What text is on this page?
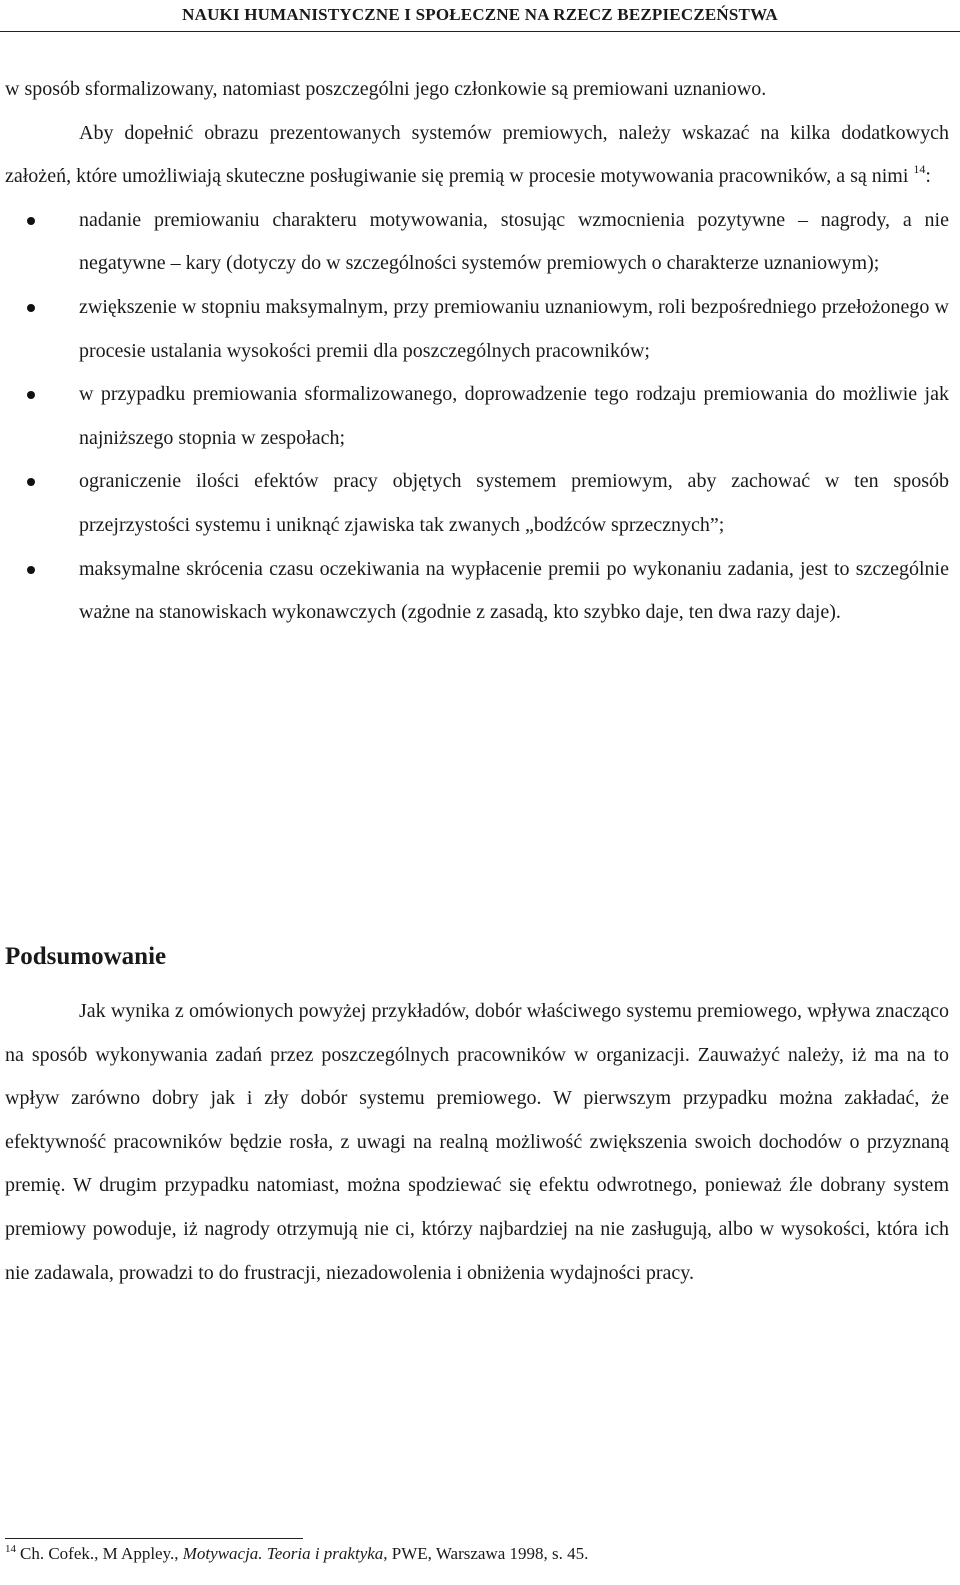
NAUKI HUMANISTYCZNE I SPOŁECZNE NA RZECZ BEZPIECZEŃSTWA

w sposób sformalizowany, natomiast poszczególni jego członkowie są premiowani uznaniowo.

Aby dopełnić obrazu prezentowanych systemów premiowych, należy wskazać na kilka dodatkowych założeń, które umożliwiają skuteczne posługiwanie się premią w procesie motywowania pracowników, a są nimi $^{14}$:

nadanie premiowaniu charakteru motywowania, stosując wzmocnienia pozytywne – nagrody, a nie negatywne – kary (dotyczy do w szczególności systemów premiowych o charakterze uznaniowym);
zwiększenie w stopniu maksymalnym, przy premiowaniu uznaniowym, roli bezpośredniego przełożonego w procesie ustalania wysokości premii dla poszczególnych pracowników;
w przypadku premiowania sformalizowanego, doprowadzenie tego rodzaju premiowania do możliwie jak najniższego stopnia w zespołach;
ograniczenie ilości efektów pracy objętych systemem premiowym, aby zachować w ten sposób przejrzystości systemu i uniknąć zjawiska tak zwanych „bodźców sprzecznych”;
maksymalne skrócenia czasu oczekiwania na wypłacenie premii po wykonaniu zadania, jest to szczególnie ważne na stanowiskach wykonawczych (zgodnie z zasadą, kto szybko daje, ten dwa razy daje).
Podsumowanie

Jak wynika z omówionych powyżej przykładów, dobór właściwego systemu premiowego, wpływa znacząco na sposób wykonywania zadań przez poszczególnych pracowników w organizacji. Zauważyć należy, iż ma na to wpływ zarówno dobry jak i zły dobór systemu premiowego. W pierwszym przypadku można zakładać, że efektywność pracowników będzie rosła, z uwagi na realną możliwość zwiększenia swoich dochodów o przyznaną premię. W drugim przypadku natomiast, można spodziewać się efektu odwrotnego, ponieważ źle dobrany system premiowy powoduje, iż nagrody otrzymują nie ci, którzy najbardziej na nie zasługują, albo w wysokości, która ich nie zadawala, prowadzi to do frustracji, niezadowolenia i obniżenia wydajności pracy.

$^{14}$ Ch. Cofek., M Appley., Motywacja. Teoria i praktyka, PWE, Warszawa 1998, s. 45.
